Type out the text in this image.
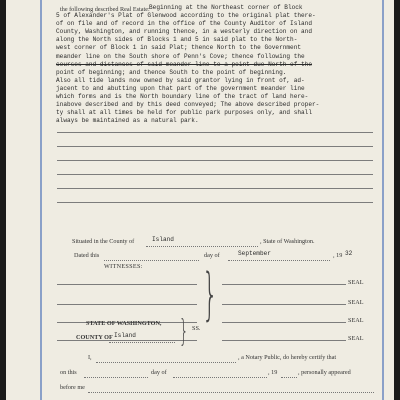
the following described Real Estate: Beginning at the Northeast corner of Block
5 of Alexander's Plat of Glenwood according to the original plat there-
of on file and of record in the office of the County Auditor of Island
County, Washington, and running thence, in a westerly direction on and
along the North sides of Blocks 1 and 5 in said plat to the North-
west corner of Block 1 in said Plat; thence North to the Government
meander line on the South shore of Penn's Cove; thence following the
courses and distances of said meander line to a point due North of the
point of beginning; and thence South to the point of beginning.
Also all tide lands now owned by said grantor lying in front of, ad-
jacent to and abutting upon that part of the government meander line
which forms and is the North boundary line of the tract of land here-
inabove described and by this deed conveyed; The above described proper-
ty shall at all times be held for public park purposes only, and shall
always be maintained as a natural park.
Situated in the County of	Island	, State of Washington.
Dated this	day of	September	, 19 32
WITNESSES: }	SEAL
SEAL
SEAL
SEAL
STATE OF WASHINGTON,
COUNTY OF Island } SS.
I,	, a Notary Public, do hereby certify that
on this	day of	, 19	, personally appeared
before me
